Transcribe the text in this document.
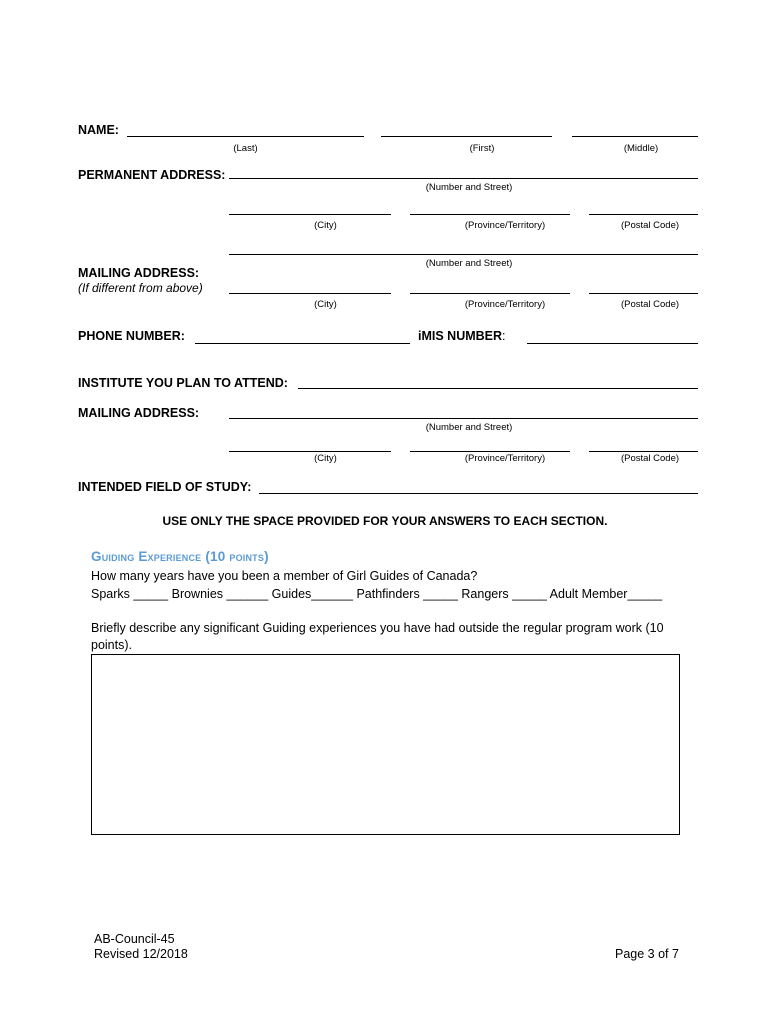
NAME:
(Last)	(First)	(Middle)
PERMANENT ADDRESS:
(Number and Street)
(City)	(Province/Territory)	(Postal Code)
(Number and Street)
MAILING ADDRESS:
(If different from above)
(City)	(Province/Territory)	(Postal Code)
PHONE NUMBER:	iMIS NUMBER:
INSTITUTE YOU PLAN TO ATTEND:
MAILING ADDRESS:
(Number and Street)
(City)	(Province/Territory)	(Postal Code)
INTENDED FIELD OF STUDY:
USE ONLY THE SPACE PROVIDED FOR YOUR ANSWERS TO EACH SECTION.
Guiding Experience (10 points)
How many years have you been a member of Girl Guides of Canada?
Sparks _____ Brownies ______ Guides______ Pathfinders _____ Rangers _____ Adult Member_____
Briefly describe any significant Guiding experiences you have had outside the regular program work (10
points).
AB-Council-45
Revised 12/2018	Page 3 of 7
